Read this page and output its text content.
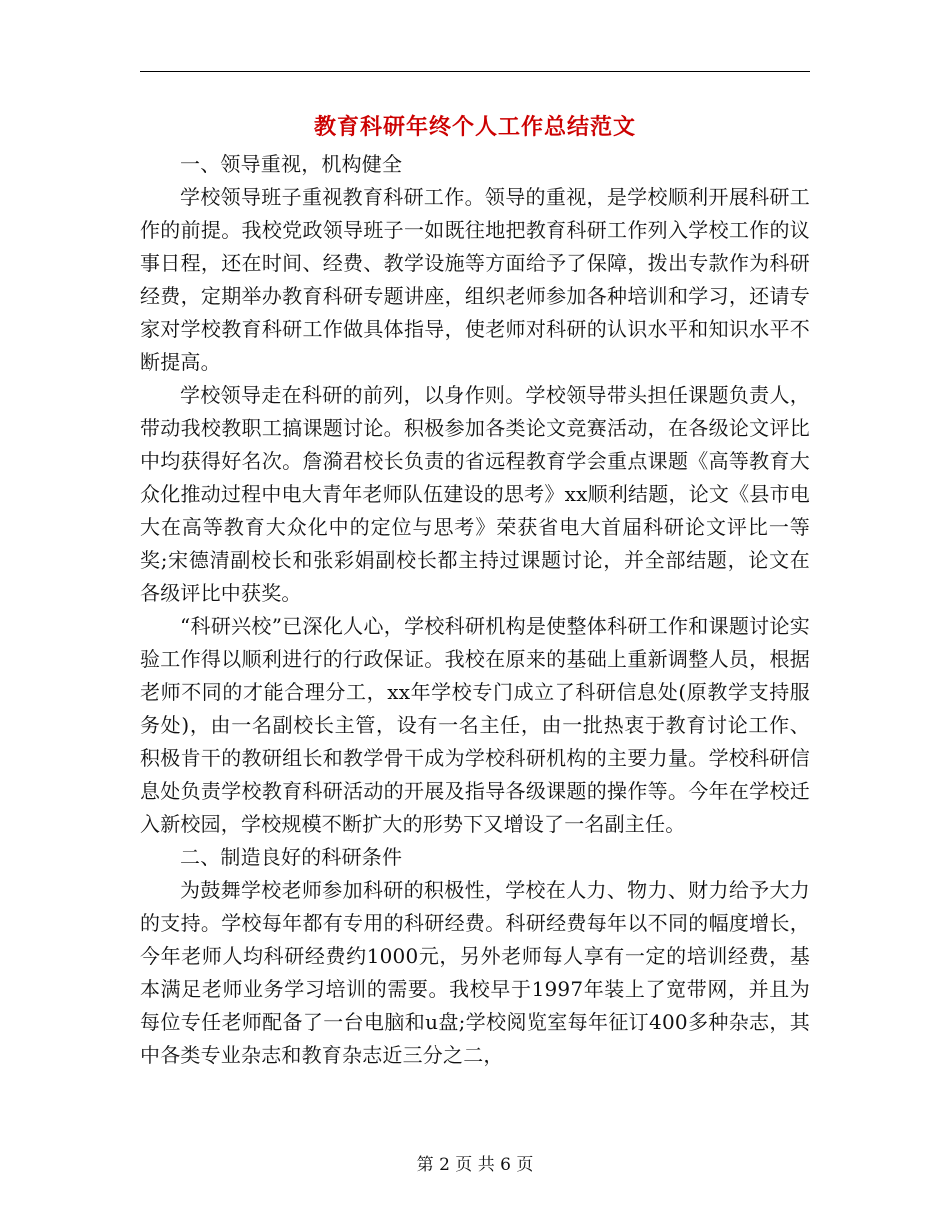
教育科研年终个人工作总结范文

一、领导重视，机构健全

学校领导班子重视教育科研工作。领导的重视，是学校顺利开展科研工作的前提。我校党政领导班子一如既往地把教育科研工作列入学校工作的议事日程，还在时间、经费、教学设施等方面给予了保障，拨出专款作为科研经费，定期举办教育科研专题讲座，组织老师参加各种培训和学习，还请专家对学校教育科研工作做具体指导，使老师对科研的认识水平和知识水平不断提高。

学校领导走在科研的前列，以身作则。学校领导带头担任课题负责人，带动我校教职工搞课题讨论。积极参加各类论文竞赛活动，在各级论文评比中均获得好名次。詹漪君校长负责的省远程教育学会重点课题《高等教育大众化推动过程中电大青年老师队伍建设的思考》xx顺利结题，论文《县市电大在高等教育大众化中的定位与思考》荣获省电大首届科研论文评比一等奖;宋德清副校长和张彩娟副校长都主持过课题讨论，并全部结题，论文在各级评比中获奖。

“科研兴校”已深化人心，学校科研机构是使整体科研工作和课题讨论实验工作得以顺利进行的行政保证。我校在原来的基础上重新调整人员，根据老师不同的才能合理分工，xx年学校专门成立了科研信息处(原教学支持服务处)，由一名副校长主管，设有一名主任，由一批热衷于教育讨论工作、积极肯干的教研组长和教学骨干成为学校科研机构的主要力量。学校科研信息处负责学校教育科研活动的开展及指导各级课题的操作等。今年在学校迁入新校园，学校规模不断扩大的形势下又增设了一名副主任。

二、制造良好的科研条件

为鼓舞学校老师参加科研的积极性，学校在人力、物力、财力给予大力的支持。学校每年都有专用的科研经费。科研经费每年以不同的幅度增长，今年老师人均科研经费约1000元，另外老师每人享有一定的培训经费，基本满足老师业务学习培训的需要。我校早于1997年装上了宽带网，并且为每位专任老师配备了一台电脑和u盘;学校阅览室每年征订400多种杂志，其中各类专业杂志和教育杂志近三分之二，

第 2 页 共 6 页
